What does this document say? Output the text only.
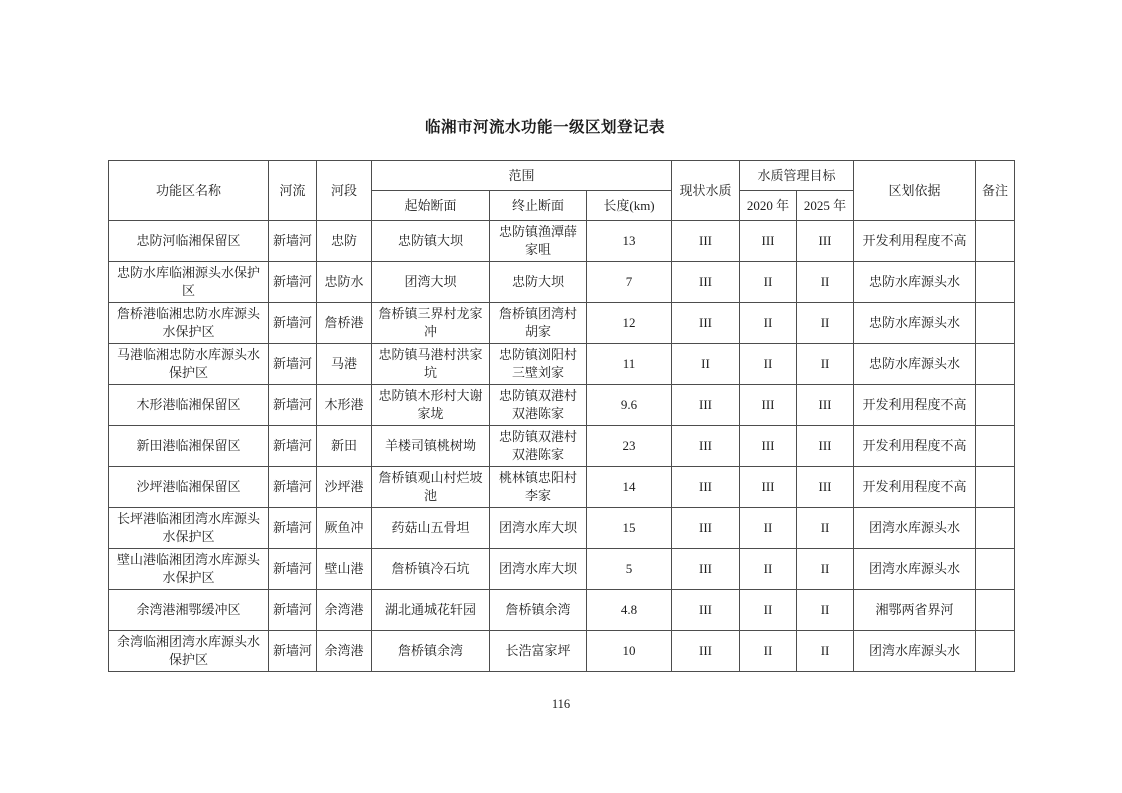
临湘市河流水功能一级区划登记表
功能区名称	河流	河段	范围			现状水质	水质管理目标		区划依据	备注
			起始断面	终止断面	长度(km)		2020 年	2025 年		
忠防河临湘保留区	新墙河	忠防	忠防镇大坝	忠防镇渔潭薛家咀	13	III	III	III	开发利用程度不高	
忠防水库临湘源头水保护区	新墙河	忠防水	团湾大坝	忠防大坝	7	III	II	II	忠防水库源头水	
詹桥港临湘忠防水库源头水保护区	新墙河	詹桥港	詹桥镇三界村龙家冲	詹桥镇团湾村胡家	12	III	II	II	忠防水库源头水	
马港临湘忠防水库源头水保护区	新墙河	马港	忠防镇马港村洪家坑	忠防镇浏阳村三壁刘家	11	II	II	II	忠防水库源头水	
木形港临湘保留区	新墙河	木形港	忠防镇木形村大谢家垅	忠防镇双港村双港陈家	9.6	III	III	III	开发利用程度不高	
新田港临湘保留区	新墙河	新田	羊楼司镇桃树坳	忠防镇双港村双港陈家	23	III	III	III	开发利用程度不高	
沙坪港临湘保留区	新墙河	沙坪港	詹桥镇观山村烂坡池	桃林镇忠阳村李家	14	III	III	III	开发利用程度不高	
长坪港临湘团湾水库源头水保护区	新墙河	厥鱼冲	药菇山五骨坦	团湾水库大坝	15	III	II	II	团湾水库源头水	
壁山港临湘团湾水库源头水保护区	新墙河	壁山港	詹桥镇冷石坑	团湾水库大坝	5	III	II	II	团湾水库源头水	
余湾港湘鄂缓冲区	新墙河	余湾港	湖北通城花轩园	詹桥镇余湾	4.8	III	II	II	湘鄂两省界河	
余湾临湘团湾水库源头水保护区	新墙河	余湾港	詹桥镇余湾	长浩富家坪	10	III	II	II	团湾水库源头水	
116
